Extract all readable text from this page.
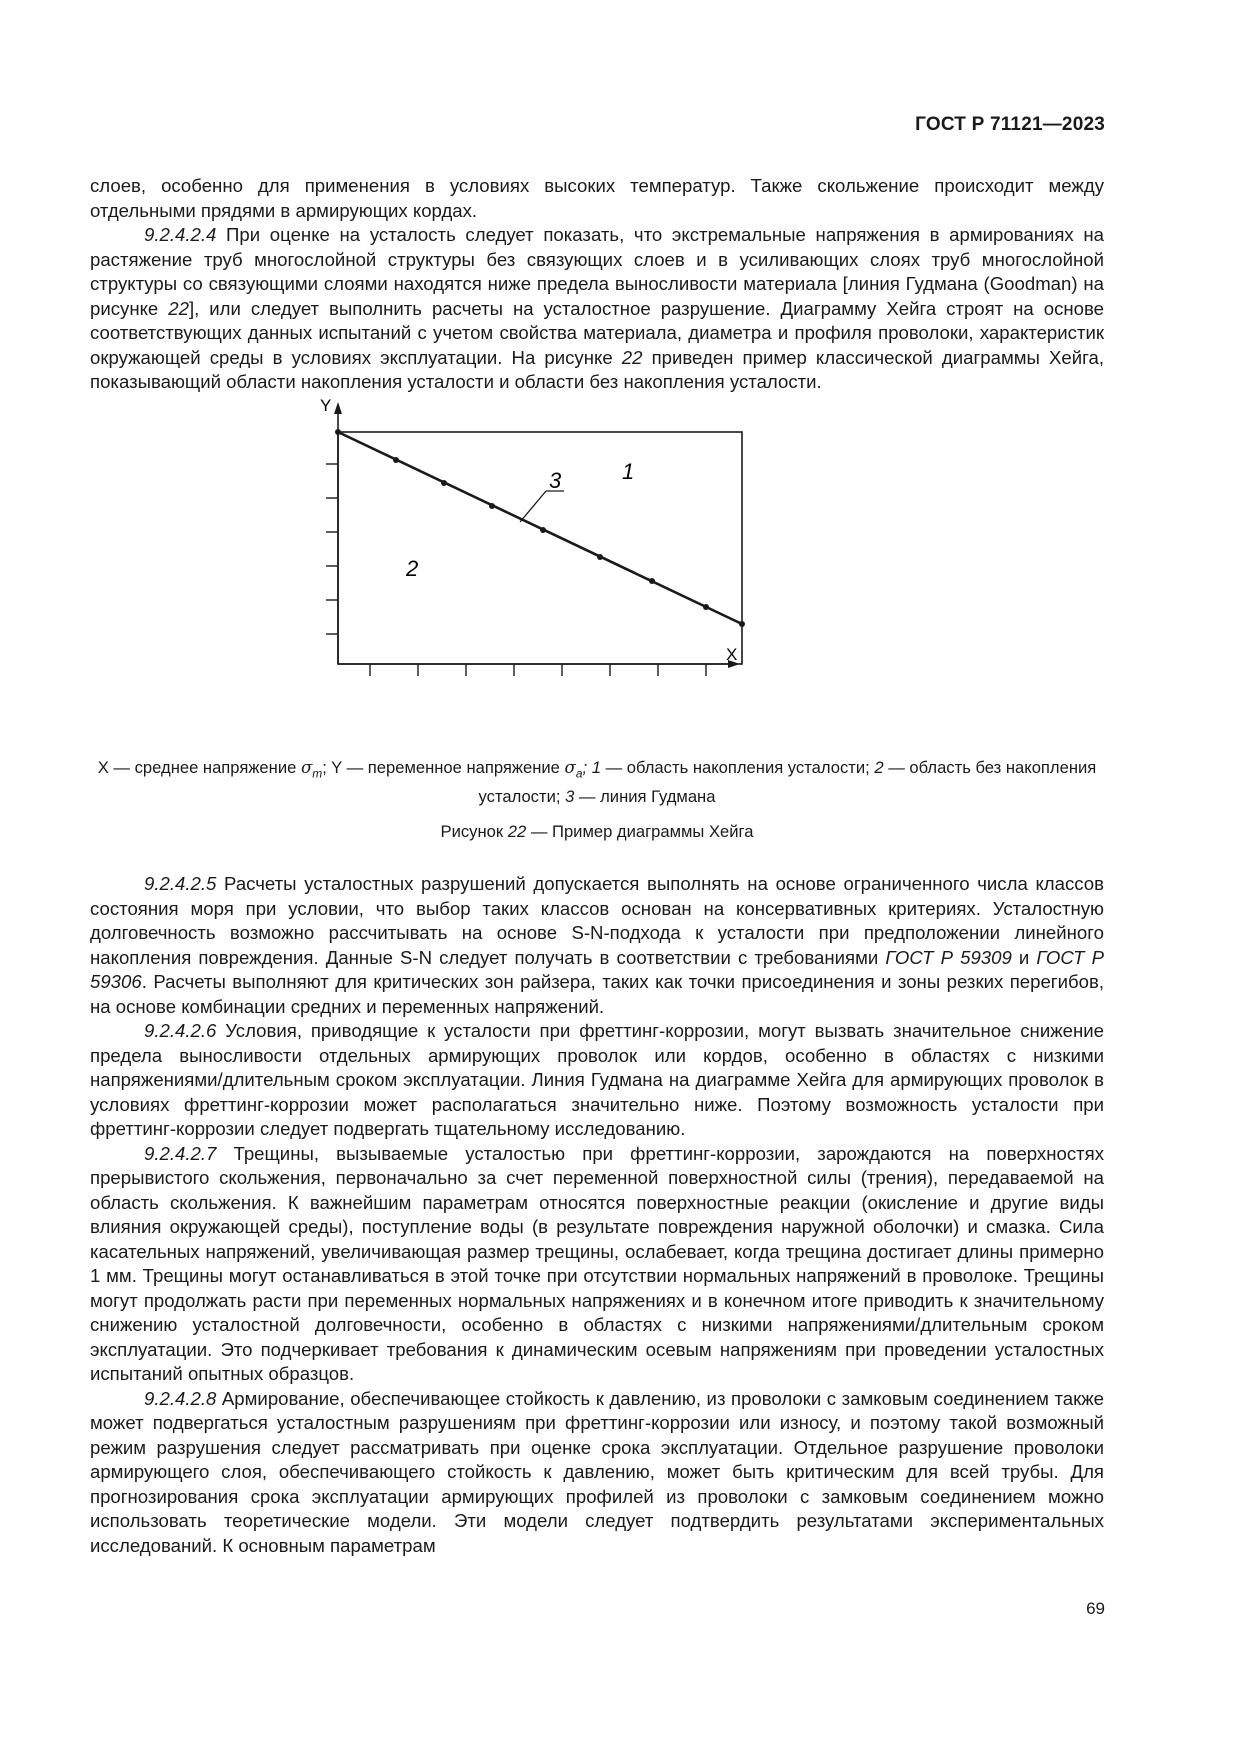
ГОСТ Р 71121—2023

слоев, особенно для применения в условиях высоких температур. Также скольжение происходит между отдельными прядями в армирующих кордах.

9.2.4.2.4 При оценке на усталость следует показать, что экстремальные напряжения в армированиях на растяжение труб многослойной структуры без связующих слоев и в усиливающих слоях труб многослойной структуры со связующими слоями находятся ниже предела выносливости материала [линия Гудмана (Goodman) на рисунке 22], или следует выполнить расчеты на усталостное разрушение. Диаграмму Хейга строят на основе соответствующих данных испытаний с учетом свойства материала, диаметра и профиля проволоки, характеристик окружающей среды в условиях эксплуатации. На рисунке 22 приведен пример классической диаграммы Хейга, показывающий области накопления усталости и области без накопления усталости.

Y
X
1
2
3
X — среднее напряжение $\sigma_m$; Y — переменное напряжение $\sigma_a$; 1 — область накопления усталости; 2 — область без накопления усталости; 3 — линия Гудмана
Рисунок 22 — Пример диаграммы Хейга

9.2.4.2.5 Расчеты усталостных разрушений допускается выполнять на основе ограниченного числа классов состояния моря при условии, что выбор таких классов основан на консервативных критериях. Усталостную долговечность возможно рассчитывать на основе S-N-подхода к усталости при предположении линейного накопления повреждения. Данные S-N следует получать в соответствии с требованиями ГОСТ Р 59309 и ГОСТ Р 59306. Расчеты выполняют для критических зон райзера, таких как точки присоединения и зоны резких перегибов, на основе комбинации средних и переменных напряжений.

9.2.4.2.6 Условия, приводящие к усталости при фреттинг-коррозии, могут вызвать значительное снижение предела выносливости отдельных армирующих проволок или кордов, особенно в областях с низкими напряжениями/длительным сроком эксплуатации. Линия Гудмана на диаграмме Хейга для армирующих проволок в условиях фреттинг-коррозии может располагаться значительно ниже. Поэтому возможность усталости при фреттинг-коррозии следует подвергать тщательному исследованию.

9.2.4.2.7 Трещины, вызываемые усталостью при фреттинг-коррозии, зарождаются на поверхностях прерывистого скольжения, первоначально за счет переменной поверхностной силы (трения), передаваемой на область скольжения. К важнейшим параметрам относятся поверхностные реакции (окисление и другие виды влияния окружающей среды), поступление воды (в результате повреждения наружной оболочки) и смазка. Сила касательных напряжений, увеличивающая размер трещины, ослабевает, когда трещина достигает длины примерно 1 мм. Трещины могут останавливаться в этой точке при отсутствии нормальных напряжений в проволоке. Трещины могут продолжать расти при переменных нормальных напряжениях и в конечном итоге приводить к значительному снижению усталостной долговечности, особенно в областях с низкими напряжениями/длительным сроком эксплуатации. Это подчеркивает требования к динамическим осевым напряжениям при проведении усталостных испытаний опытных образцов.

9.2.4.2.8 Армирование, обеспечивающее стойкость к давлению, из проволоки с замковым соединением также может подвергаться усталостным разрушениям при фреттинг-коррозии или износу, и поэтому такой возможный режим разрушения следует рассматривать при оценке срока эксплуатации. Отдельное разрушение проволоки армирующего слоя, обеспечивающего стойкость к давлению, может быть критическим для всей трубы. Для прогнозирования срока эксплуатации армирующих профилей из проволоки с замковым соединением можно использовать теоретические модели. Эти модели следует подтвердить результатами экспериментальных исследований. К основным параметрам

69
